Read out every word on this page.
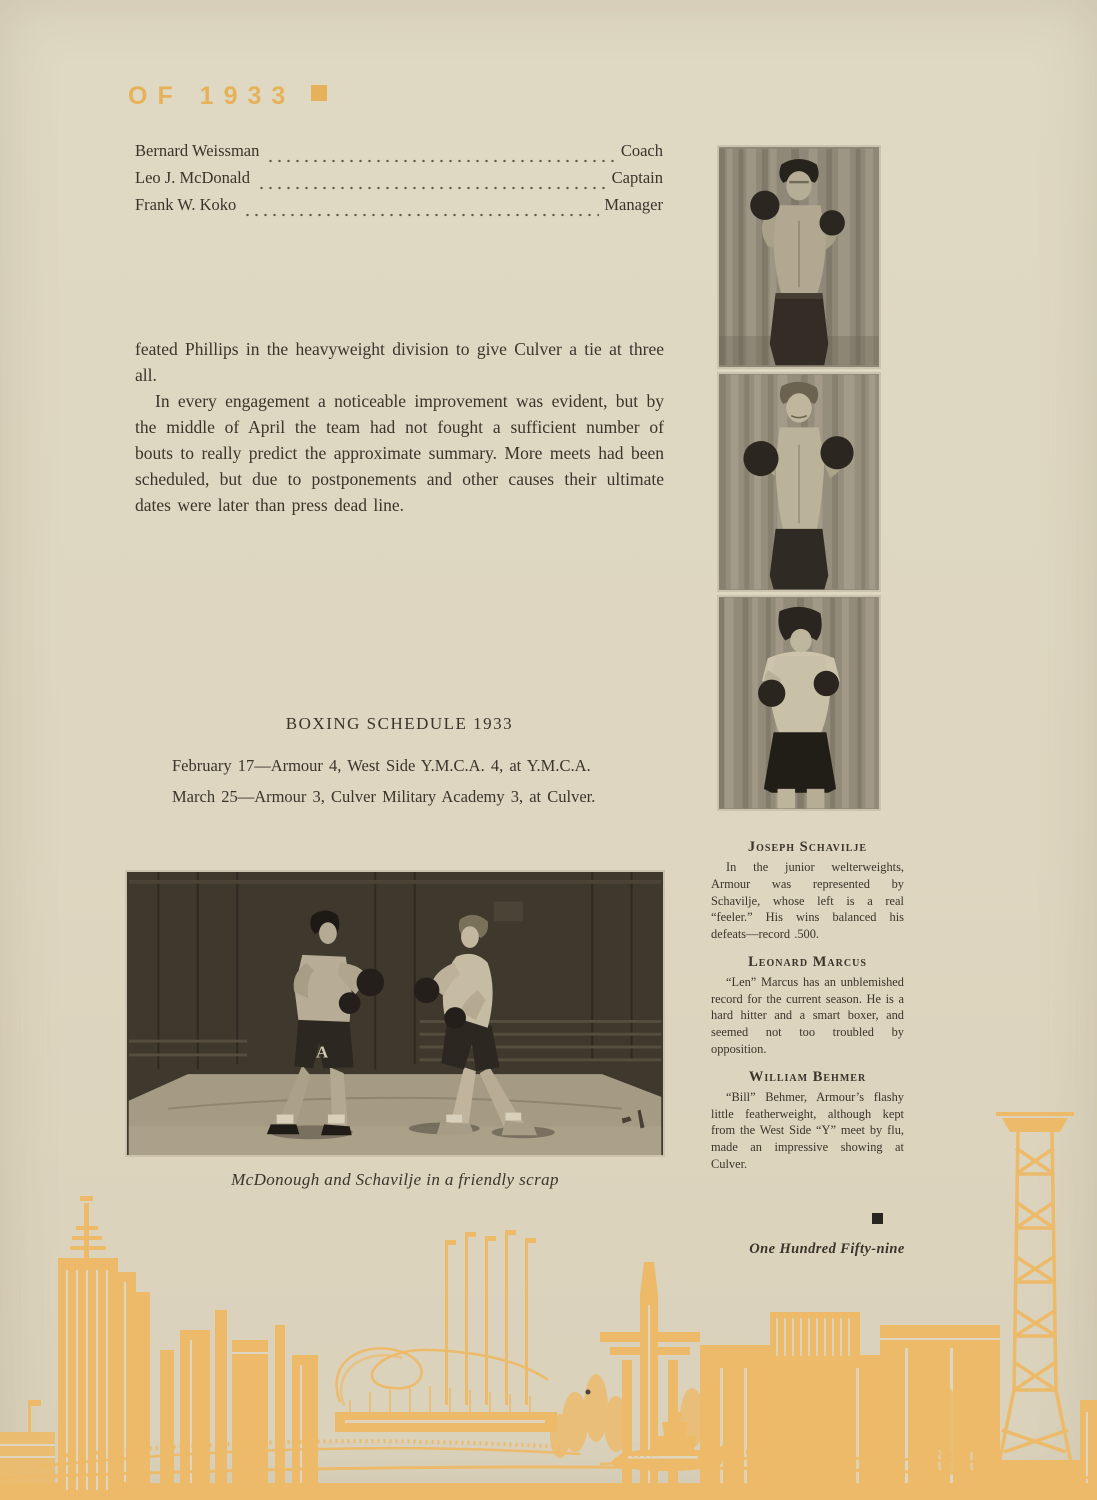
OF 1933
Bernard Weissman	Coach
Leo J. McDonald	Captain
Frank W. Koko	Manager

feated Phillips in the heavyweight division to give Culver a tie at three all.

In every engagement a noticeable improvement was evident, but by the middle of April the team had not fought a sufficient number of bouts to really predict the approximate summary. More meets had been scheduled, but due to postponements and other causes their ultimate dates were later than press dead line.

BOXING SCHEDULE 1933
February 17—Armour 4, West Side Y.M.C.A. 4, at Y.M.C.A.
March 25—Armour 3, Culver Military Academy 3, at Culver.
Joseph Schavilje

In the junior welterweights, Armour was represented by Schavilje, whose left is a real “feeler.” His wins balanced his defeats—record .500.

Leonard Marcus

“Len” Marcus has an unblemished record for the current season. He is a hard hitter and a smart boxer, and seemed not too troubled by opposition.

William Behmer

“Bill” Behmer, Armour’s flashy little featherweight, although kept from the West Side “Y” meet by flu, made an impressive showing at Culver.

A
McDonough and Schavilje in a friendly scrap
One Hundred Fifty-nine
